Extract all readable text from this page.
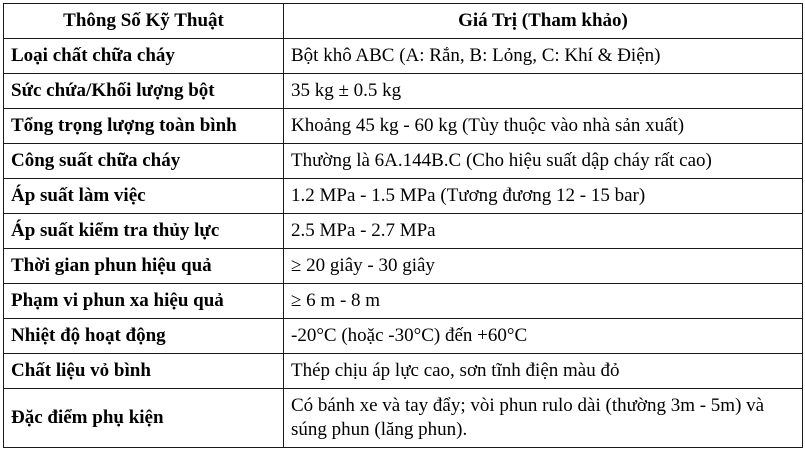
Thông Số Kỹ Thuật	Giá Trị (Tham khảo)
Loại chất chữa cháy	Bột khô ABC (A: Rắn, B: Lỏng, C: Khí & Điện)
Sức chứa/Khối lượng bột	35 kg ± 0.5 kg
Tổng trọng lượng toàn bình	Khoảng 45 kg - 60 kg (Tùy thuộc vào nhà sản xuất)
Công suất chữa cháy	Thường là 6A.144B.C (Cho hiệu suất dập cháy rất cao)
Áp suất làm việc	1.2 MPa - 1.5 MPa (Tương đương 12 - 15 bar)
Áp suất kiểm tra thủy lực	2.5 MPa - 2.7 MPa
Thời gian phun hiệu quả	≥ 20 giây - 30 giây
Phạm vi phun xa hiệu quả	≥ 6 m - 8 m
Nhiệt độ hoạt động	-20°C (hoặc -30°C) đến +60°C
Chất liệu vỏ bình	Thép chịu áp lực cao, sơn tĩnh điện màu đỏ
Đặc điểm phụ kiện	Có bánh xe và tay đẩy; vòi phun rulo dài (thường 3m - 5m) và súng phun (lăng phun).
